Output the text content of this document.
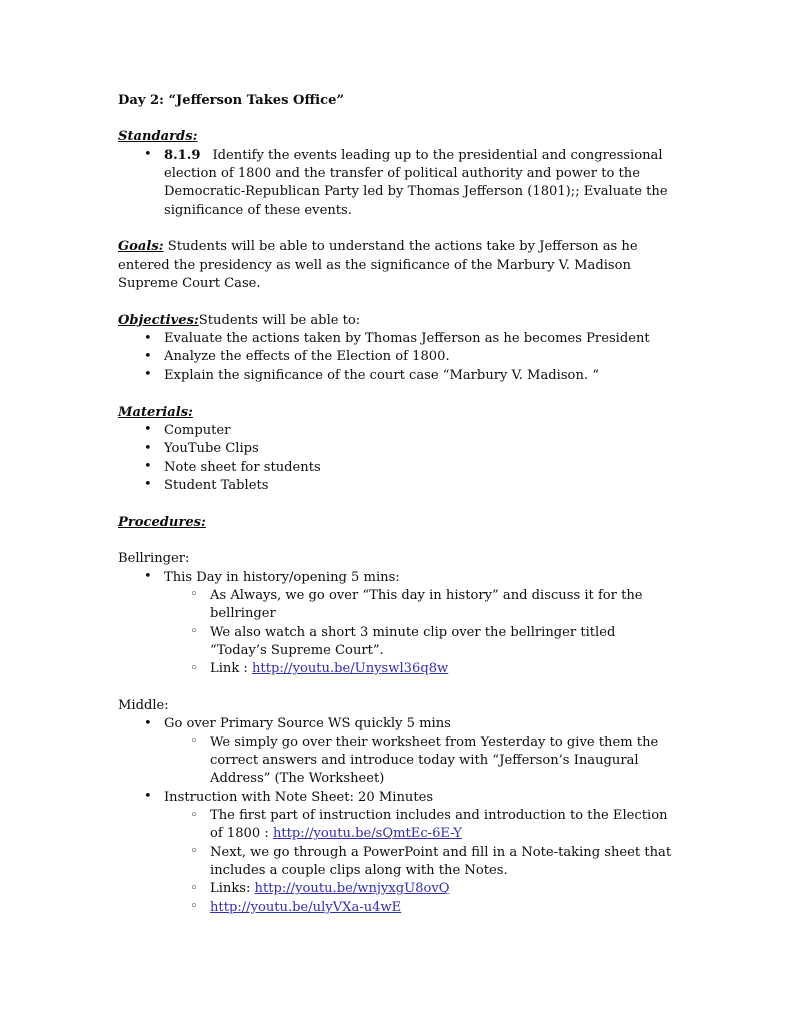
Day 2: “Jefferson Takes Office”
Standards:
• 8.1.9 Identify the events leading up to the presidential and congressional election of 1800 and the transfer of political authority and power to the Democratic-Republican Party led by Thomas Jefferson (1801);; Evaluate the significance of these events.
Goals: Students will be able to understand the actions take by Jefferson as he entered the presidency as well as the significance of the Marbury V. Madison Supreme Court Case.
Objectives:Students will be able to:
• Evaluate the actions taken by Thomas Jefferson as he becomes President
• Analyze the effects of the Election of 1800.
• Explain the significance of the court case “Marbury V. Madison. “
Materials:
• Computer
• YouTube Clips
• Note sheet for students
• Student Tablets
Procedures:
Bellringer:
• This Day in history/opening 5 mins:
◦ As Always, we go over “This day in history” and discuss it for the bellringer
◦ We also watch a short 3 minute clip over the bellringer titled “Today’s Supreme Court”.
◦ Link : http://youtu.be/Unyswl36q8w
Middle:
• Go over Primary Source WS quickly 5 mins
◦ We simply go over their worksheet from Yesterday to give them the correct answers and introduce today with “Jefferson’s Inaugural Address” (The Worksheet)
• Instruction with Note Sheet: 20 Minutes
◦ The first part of instruction includes and introduction to the Election of 1800 : http://youtu.be/sQmtEc-6E-Y
◦ Next, we go through a PowerPoint and fill in a Note-taking sheet that includes a couple clips along with the Notes.
◦ Links: http://youtu.be/wnjyxgU8ovQ
◦ http://youtu.be/ulyVXa-u4wE
